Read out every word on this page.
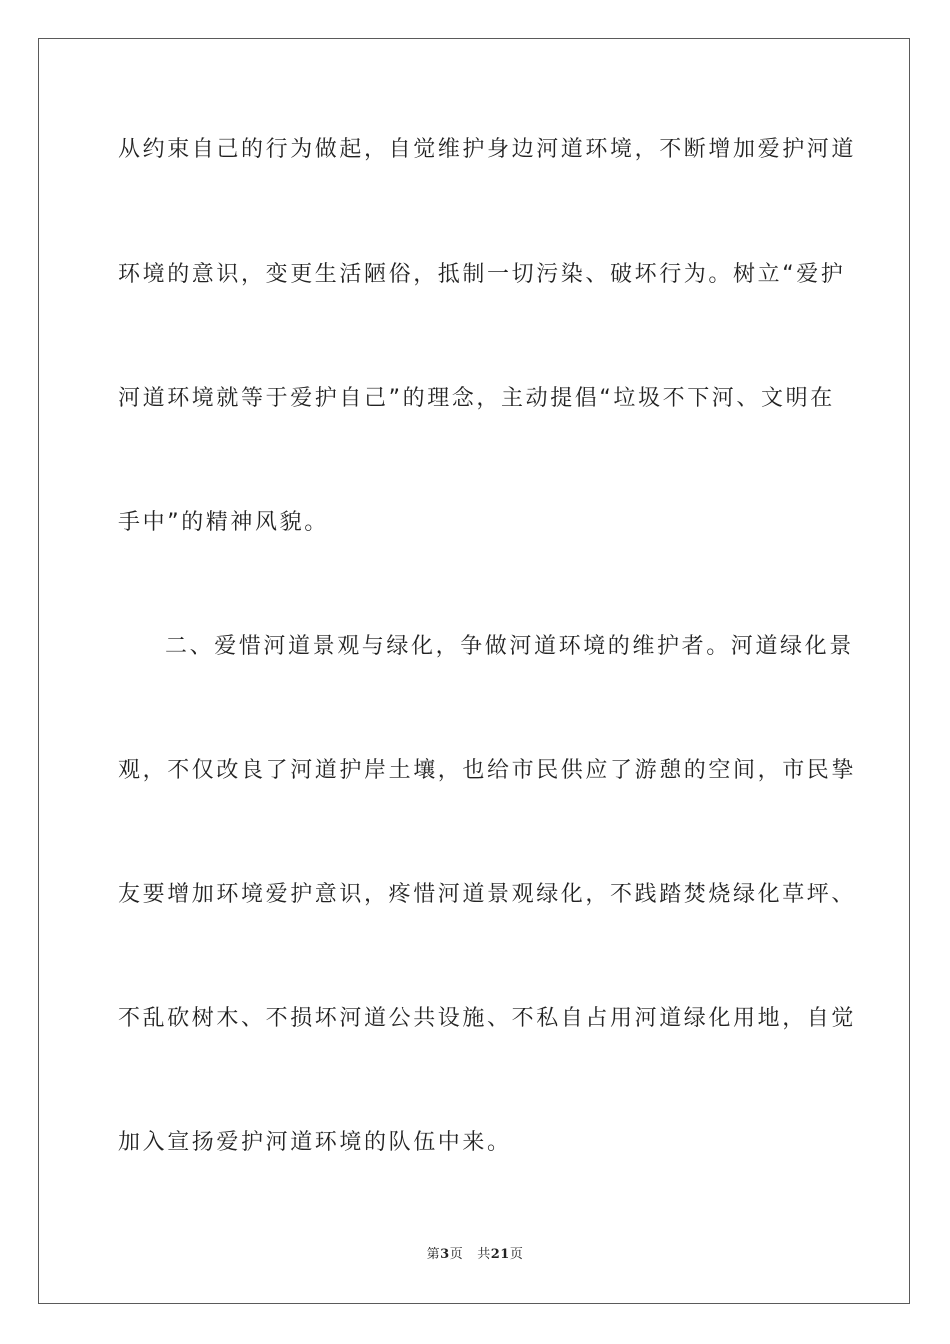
从约束自己的行为做起，自觉维护身边河道环境，不断增加爱护河道

环境的意识，变更生活陋俗，抵制一切污染、破坏行为。树立“爱护

河道环境就等于爱护自己”的理念，主动提倡“垃圾不下河、文明在

手中”的精神风貌。

二、爱惜河道景观与绿化，争做河道环境的维护者。河道绿化景

观，不仅改良了河道护岸土壤，也给市民供应了游憩的空间，市民挚

友要增加环境爱护意识，疼惜河道景观绿化，不践踏焚烧绿化草坪、

不乱砍树木、不损坏河道公共设施、不私自占用河道绿化用地，自觉

加入宣扬爱护河道环境的队伍中来。

第3页 共21页
